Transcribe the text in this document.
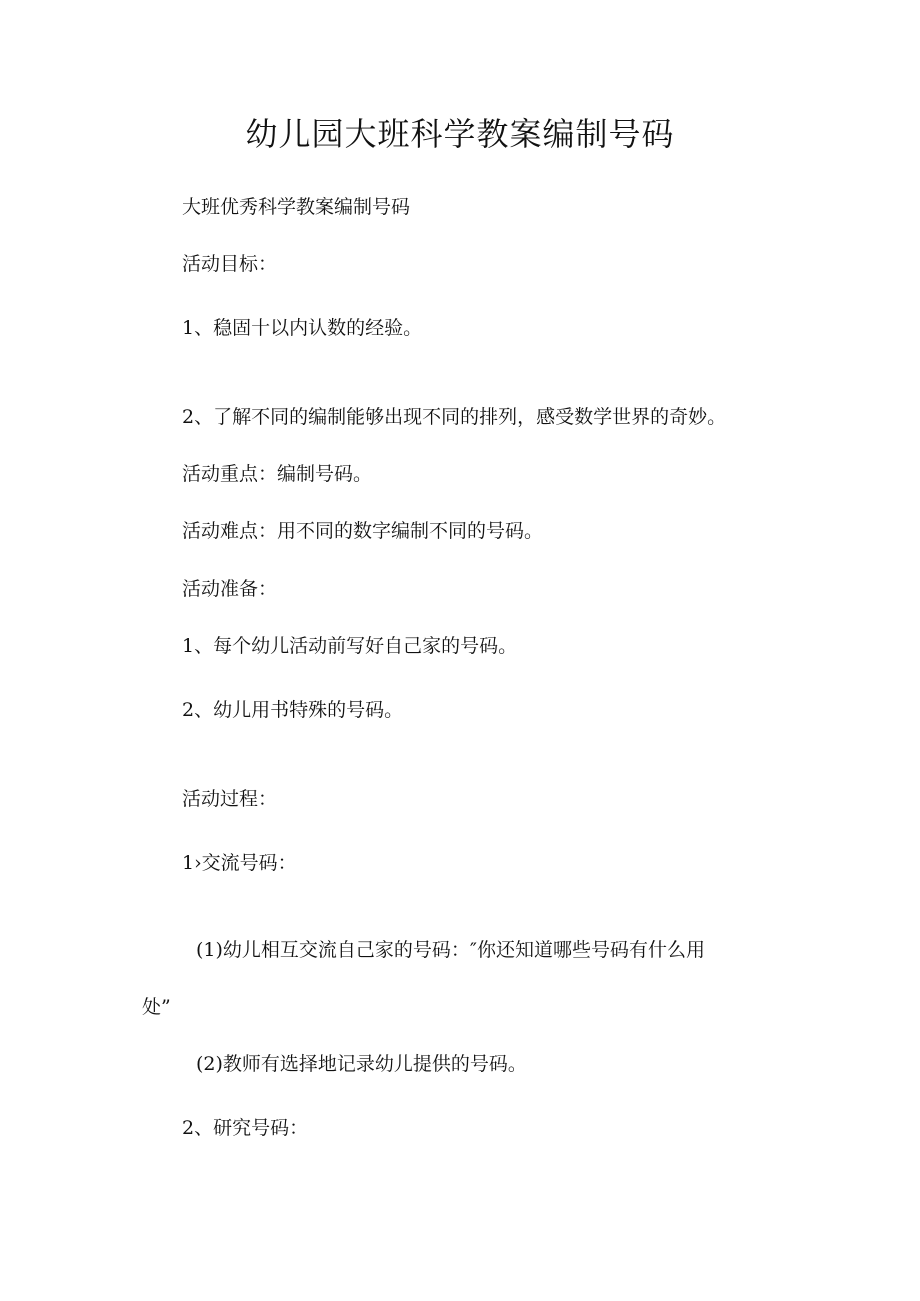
幼儿园大班科学教案编制号码

大班优秀科学教案编制号码

活动目标：

1、稳固十以内认数的经验。

2、了解不同的编制能够出现不同的排列，感受数学世界的奇妙。

活动重点：编制号码。

活动难点：用不同的数字编制不同的号码。

活动准备：

1、每个幼儿活动前写好自己家的号码。

2、幼儿用书特殊的号码。

活动过程：

1›交流号码：

(1)幼儿相互交流自己家的号码：″你还知道哪些号码有什么用

处”

(2)教师有选择地记录幼儿提供的号码。

2、研究号码：
